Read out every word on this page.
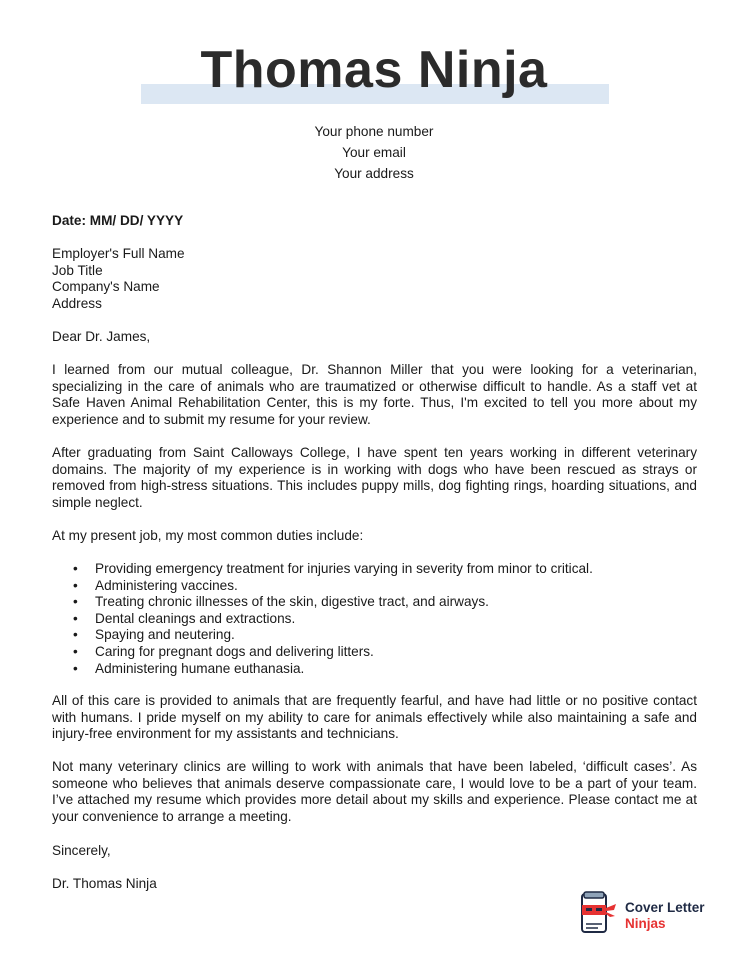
Thomas Ninja
Your phone number
Your email
Your address
Date: MM/ DD/ YYYY
Employer's Full Name
Job Title
Company's Name
Address
Dear Dr. James,

I learned from our mutual colleague, Dr. Shannon Miller that you were looking for a veterinarian, specializing in the care of animals who are traumatized or otherwise difficult to handle. As a staff vet at Safe Haven Animal Rehabilitation Center, this is my forte. Thus, I'm excited to tell you more about my experience and to submit my resume for your review.

After graduating from Saint Calloways College, I have spent ten years working in different veterinary domains. The majority of my experience is in working with dogs who have been rescued as strays or removed from high-stress situations. This includes puppy mills, dog fighting rings, hoarding situations, and simple neglect.

At my present job, my most common duties include:
• Providing emergency treatment for injuries varying in severity from minor to critical.
• Administering vaccines.
• Treating chronic illnesses of the skin, digestive tract, and airways.
• Dental cleanings and extractions.
• Spaying and neutering.
• Caring for pregnant dogs and delivering litters.
• Administering humane euthanasia.

All of this care is provided to animals that are frequently fearful, and have had little or no positive contact with humans. I pride myself on my ability to care for animals effectively while also maintaining a safe and injury-free environment for my assistants and technicians.

Not many veterinary clinics are willing to work with animals that have been labeled, ‘difficult cases’. As someone who believes that animals deserve compassionate care, I would love to be a part of your team. I’ve attached my resume which provides more detail about my skills and experience. Please contact me at your convenience to arrange a meeting.

Sincerely,
Dr. Thomas Ninja
Cover Letter
Ninjas
